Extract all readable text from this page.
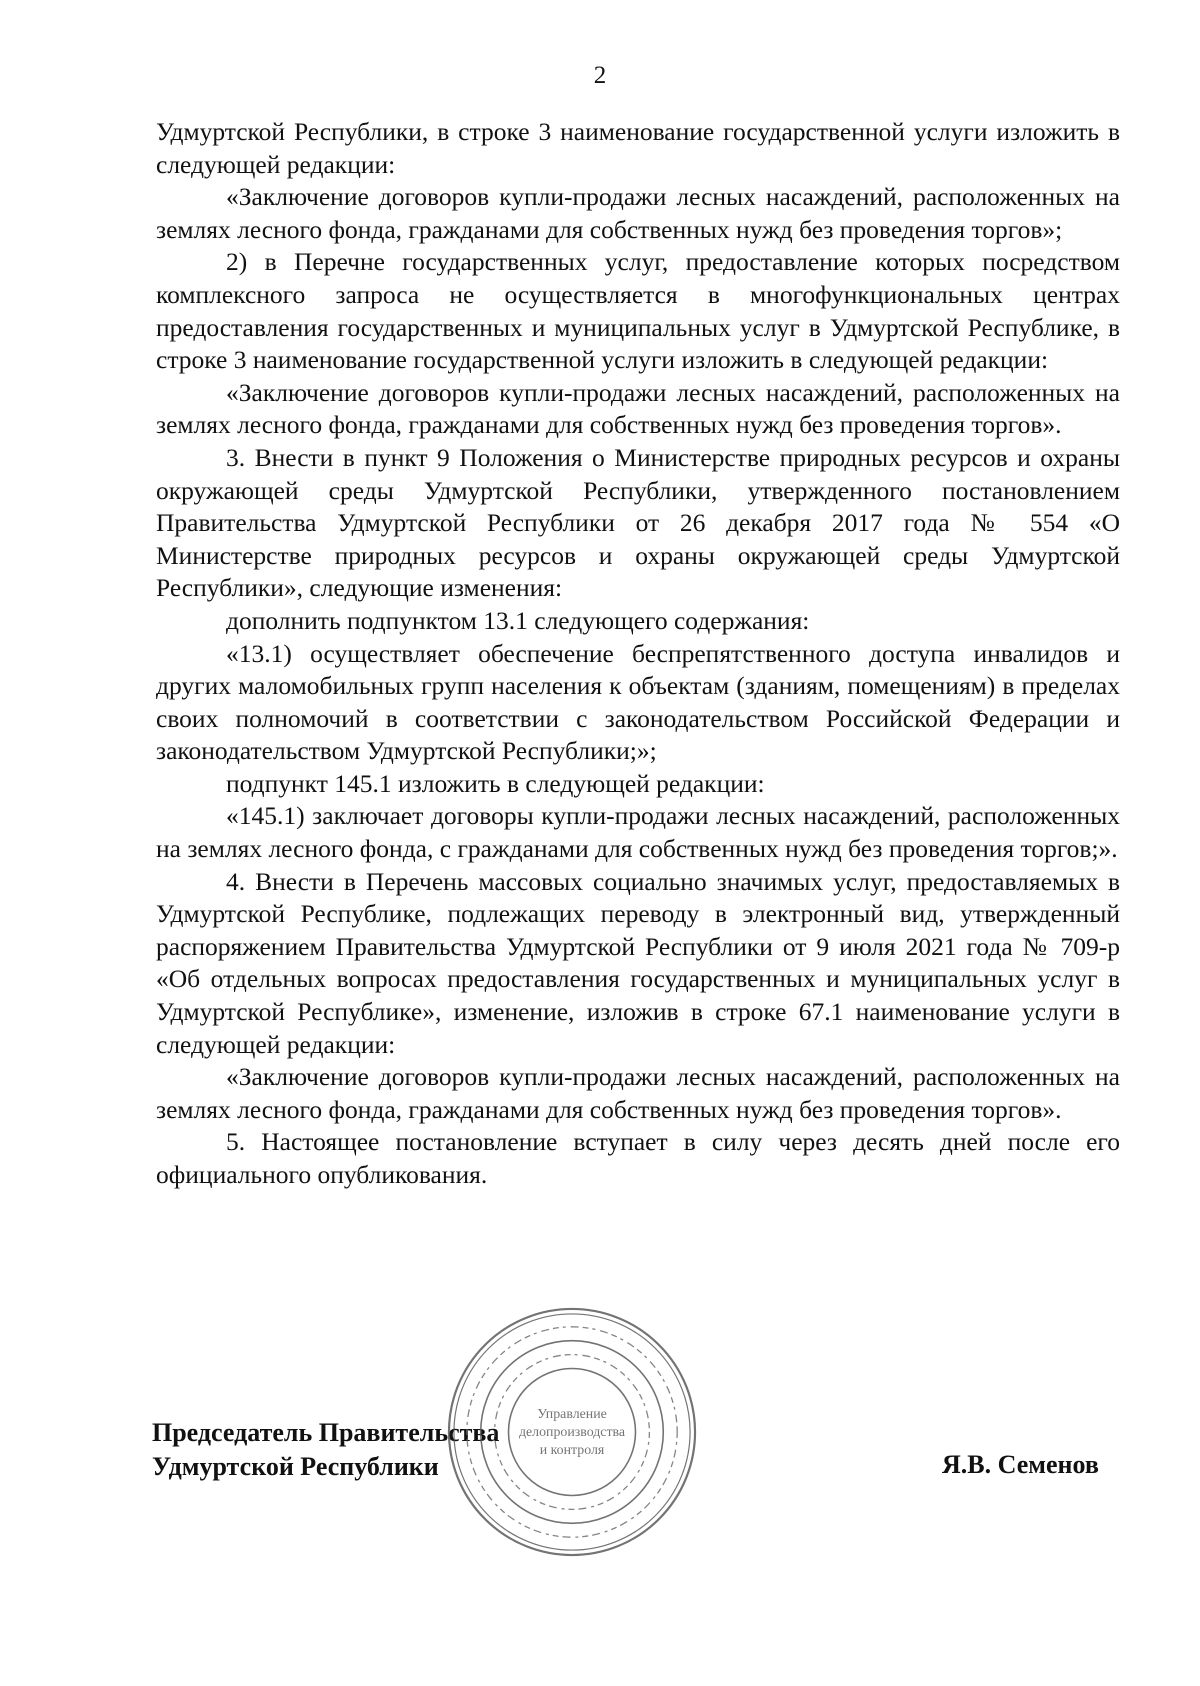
2

Удмуртской Республики, в строке 3 наименование государственной услуги изложить в следующей редакции:

«Заключение договоров купли-продажи лесных насаждений, расположенных на землях лесного фонда, гражданами для собственных нужд без проведения торгов»;

2) в Перечне государственных услуг, предоставление которых посредством комплексного запроса не осуществляется в многофункциональных центрах предоставления государственных и муниципальных услуг в Удмуртской Республике, в строке 3 наименование государственной услуги изложить в следующей редакции:

«Заключение договоров купли-продажи лесных насаждений, расположенных на землях лесного фонда, гражданами для собственных нужд без проведения торгов».

3. Внести в пункт 9 Положения о Министерстве природных ресурсов и охраны окружающей среды Удмуртской Республики, утвержденного постановлением Правительства Удмуртской Республики от 26 декабря 2017 года № 554 «О Министерстве природных ресурсов и охраны окружающей среды Удмуртской Республики», следующие изменения:

дополнить подпунктом 13.1 следующего содержания:

«13.1) осуществляет обеспечение беспрепятственного доступа инвалидов и других маломобильных групп населения к объектам (зданиям, помещениям) в пределах своих полномочий в соответствии с законодательством Российской Федерации и законодательством Удмуртской Республики;»;

подпункт 145.1 изложить в следующей редакции:

«145.1) заключает договоры купли-продажи лесных насаждений, расположенных на землях лесного фонда, с гражданами для собственных нужд без проведения торгов;».

4. Внести в Перечень массовых социально значимых услуг, предоставляемых в Удмуртской Республике, подлежащих переводу в электронный вид, утвержденный распоряжением Правительства Удмуртской Республики от 9 июля 2021 года № 709-р «Об отдельных вопросах предоставления государственных и муниципальных услуг в Удмуртской Республике», изменение, изложив в строке 67.1 наименование услуги в следующей редакции:

«Заключение договоров купли-продажи лесных насаждений, расположенных на землях лесного фонда, гражданами для собственных нужд без проведения торгов».

5. Настоящее постановление вступает в силу через десять дней после его официального опубликования.

Председатель Правительства
Удмуртской Республики	Я.В. Семенов
Управление
делопроизводства
и контроля
